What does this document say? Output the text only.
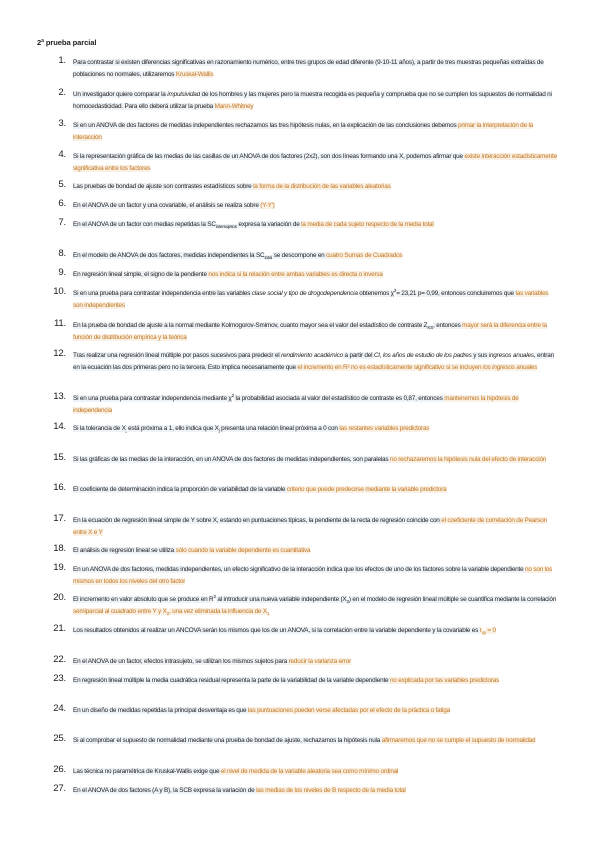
2ª prueba parcial
1. Para contrastar si existen diferencias significativas en razonamiento numérico, entre tres grupos de edad diferente (9-10-11 años), a partir de tres muestras pequeñas extraídas de poblaciones no normales, utilizaremos Kruskal-Wallis
2. Un investigador quiere comparar la impulsividad de los hombres y las mujeres pero la muestra recogida es pequeña y comprueba que no se cumplen los supuestos de normalidad ni homocedasticidad. Para ello deberá utilizar la prueba Mann-Whitney
3. Si en un ANOVA de dos factores de medidas independientes rechazamos las tres hipótesis nulas, en la explicación de las conclusiones debemos primar la interpretación de la interacción
4. Si la representación gráfica de las medias de las casillas de un ANOVA de dos factores (2x2), son dos líneas formando una X, podemos afirmar que existe interacción estadísticamente significativa entre los factores
5. Las pruebas de bondad de ajuste son contrastes estadísticos sobre la forma de la distribución de las variables aleatorias
6. En el ANOVA de un factor y una covariable, el análisis se realiza sobre (Y-Y')
7. En el ANOVA de un factor con medias repetidas la $SC_{intersujetos}$ expresa la variación de la media de cada sujeto respecto de la media total
8. En el modelo de ANOVA de dos factores, medidas independientes la $SC_{total}$ se descompone en cuatro Sumas de Cuadrados
9. En regresión lineal simple, el signo de la pendiente nos indica si la relación entre ambas variables es directa o inversa
10. Si en una prueba para contrastar independencia entre las variables clase social y tipo de drogodependencia obtenemos $\chi^2= 23,21$ p= 0,99, entonces concluiremos que las variables son independientes
11. En la prueba de bondad de ajuste a la normal mediante Kolmogorov-Smirnov, cuanto mayor sea el valor del estadístico de contraste $Z_{KS}$, entonces mayor será la diferencia entre la función de distribución empírica y la teórica
12. Tras realizar una regresión lineal múltiple por pasos sucesivos para predecir el rendimiento académico a partir del CI, los años de estudio de los padres y sus ingresos anuales, entran en la ecuación las dos primeras pero no la tercera. Esto implica necesariamente que el incremento en R² no es estadísticamente significativo si se incluyen los ingresos anuales
13. Si en una prueba para contrastar independencia mediante $\chi^2$ la probabilidad asociada al valor del estadístico de contraste es 0,87, entonces mantenemos la hipótesis de independencia
14. Si la tolerancia de X está próxima a 1, ello indica que X presenta una relación lineal próxima a 0 con las restantes variables predictoras
15. Si las gráficas de las medias de la interacción, en un ANOVA de dos factores de medidas independientes, son paralelas no rechazaremos la hipótesis nula del efecto de interacción
16. El coeficiente de determinación indica la proporción de variabilidad de la variable criterio que puede predecirse mediante la variable predictora
17. En la ecuación de regresión lineal simple de Y sobre X, estando en puntuaciones típicas, la pendiente de la recta de regresión coincide con el coeficiente de correlación de Pearson entre X e Y
18. El análisis de regresión lineal se utiliza sólo cuando la variable dependiente es cuantitativa
19. En un ANOVA de dos factores, medidas independientes, un efecto significativo de la interacción indica que los efectos de uno de los factores sobre la variable dependiente no son los mismos en todos los niveles del otro factor
20. El incremento en valor absoluto que se produce en $R^2$ al introducir una nueva variable independiente $(X_2)$ en el modelo de regresión lineal múltiple se cuantifica mediante la correlación semiparcial al cuadrado entre Y y $X_2$, una vez eliminada la influencia de $X_1$
21. Los resultados obtenidos al realizar un ANCOVA serán los mismos que los de un ANOVA, si la correlación entre la variable dependiente y la covariable es $r_{xy} = 0$
22. En el ANOVA de un factor, efectos intrasujeto, se utilizan los mismos sujetos para reducir la varianza error
23. En regresión lineal múltiple la media cuadrática residual representa la parte de la variabilidad de la variable dependiente no explicada por las variables predictoras
24. En un diseño de medidas repetidas la principal desventaja es que las puntuaciones pueden verse afectadas por el efecto de la práctica o fatiga
25. Si al comprobar el supuesto de normalidad mediante una prueba de bondad de ajuste, rechazamos la hipótesis nula afirmaremos que no se cumple el supuesto de normalidad
26. Las técnica no paramétrica de Kruskal-Wallis exige que el nivel de medida de la variable aleatoria sea como mínimo ordinal
27. En el ANOVA de dos factores (A y B), la SCB expresa la variación de las medias de los niveles de B respecto de la media total
